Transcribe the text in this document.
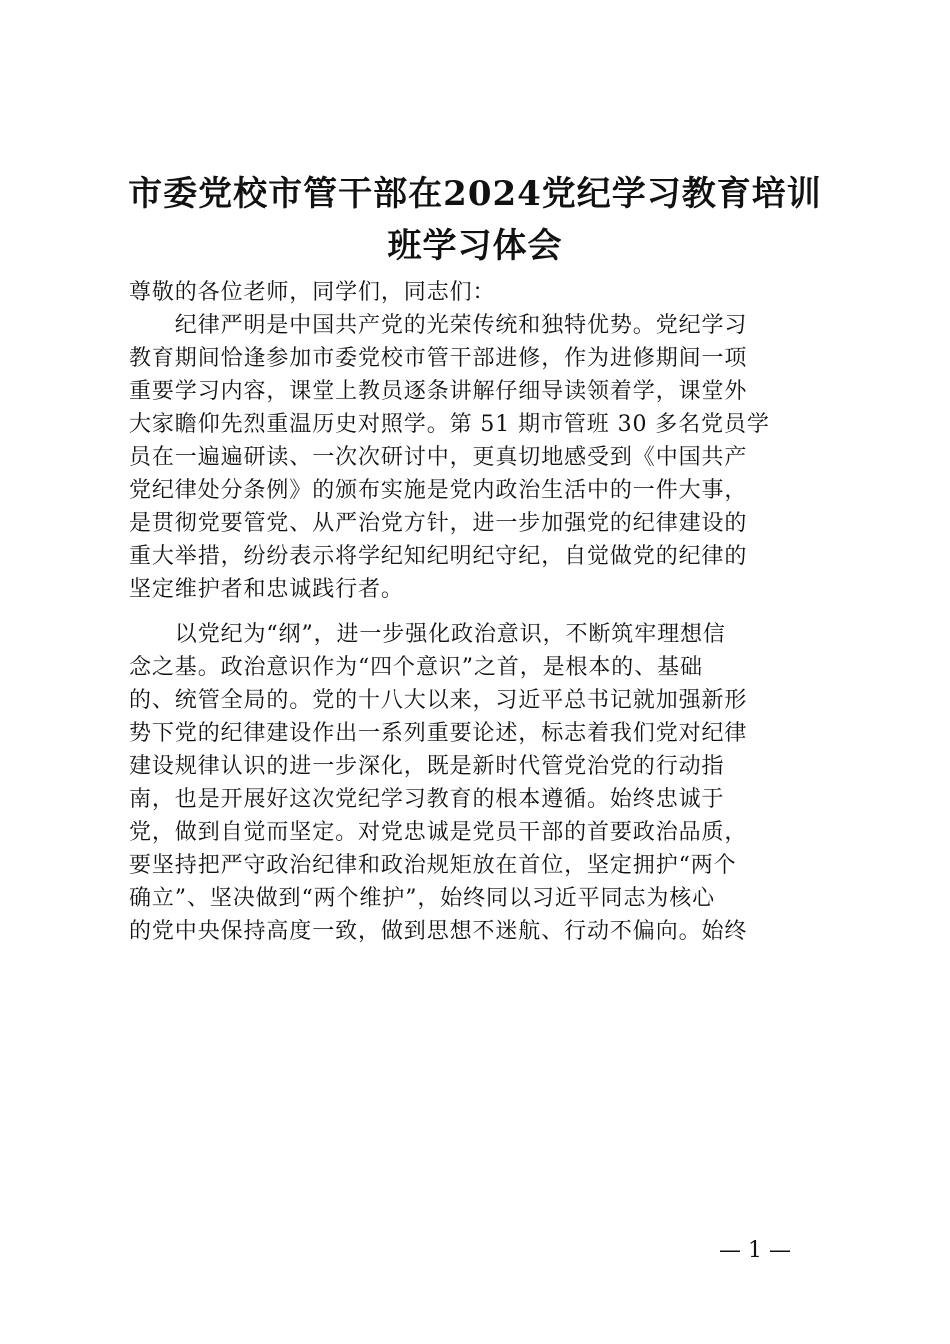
市委党校市管干部在2024党纪学习教育培训
班学习体会
尊敬的各位老师，同学们，同志们：
　　纪律严明是中国共产党的光荣传统和独特优势。党纪学习
教育期间恰逢参加市委党校市管干部进修，作为进修期间一项
重要学习内容，课堂上教员逐条讲解仔细导读领着学，课堂外
大家瞻仰先烈重温历史对照学。第 51 期市管班 30 多名党员学
员在一遍遍研读、一次次研讨中，更真切地感受到《中国共产
党纪律处分条例》的颁布实施是党内政治生活中的一件大事，
是贯彻党要管党、从严治党方针，进一步加强党的纪律建设的
重大举措，纷纷表示将学纪知纪明纪守纪，自觉做党的纪律的
坚定维护者和忠诚践行者。
　　以党纪为“纲”，进一步强化政治意识，不断筑牢理想信
念之基。政治意识作为“四个意识”之首，是根本的、基础
的、统管全局的。党的十八大以来，习近平总书记就加强新形
势下党的纪律建设作出一系列重要论述，标志着我们党对纪律
建设规律认识的进一步深化，既是新时代管党治党的行动指
南，也是开展好这次党纪学习教育的根本遵循。始终忠诚于
党，做到自觉而坚定。对党忠诚是党员干部的首要政治品质，
要坚持把严守政治纪律和政治规矩放在首位，坚定拥护“两个
确立”、坚决做到“两个维护”，始终同以习近平同志为核心
的党中央保持高度一致，做到思想不迷航、行动不偏向。始终
— 1 —
